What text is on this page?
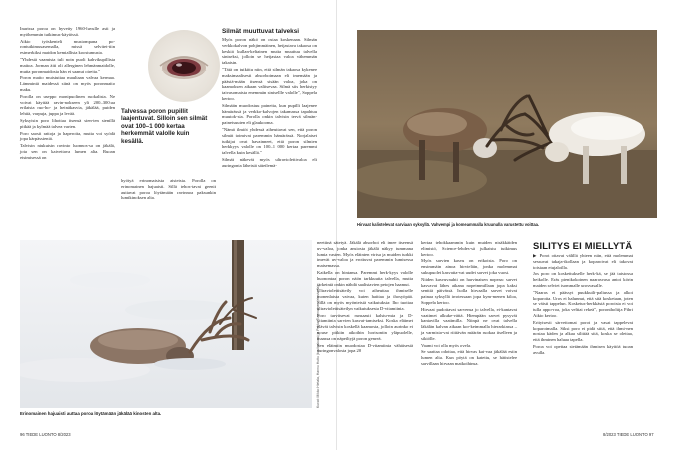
Inarissa poroa on hyvetty 1960-luvulle asti ja myöhemmin tutkimus-käytössä.

Aikio työskenteli mustompana po-rontutkimusasemalla, missä selvitet-tiin esimerkiksi maidon kemiallista koostumusta.

"Yhdestä vaamista tuli noin puoli kahvikupillista maitoa. Jorman äiti oli allerginen lehmänmaidolle, mutta poronmaidosta hän ei saanut oireita."

Poron maito muistuttaa maultaan valvaa kermaa. Lämmintä maidessä siinä on myös poronmaito maku.

Porolla on useppo monipuolinen ruokalista. Ne voivat käyttää ravin-nokseen yli 200–300:aa erilaista ruo-ho- ja heinäkasvia, jäkälää, puiden lehtiä, varpuja, juppa ja levää.

Syksyisin poro lihottaa itsensä sien-ten sienillä pitkää ja kylmää talvea varten.

Poro saosii rattoja ja haperoita, mutta voi syödä jopa kärpässieniä.

Talvisin niukuisin ravinto luonnos-sa on jäkälä, jota sen on kaivettava lumen alta. Ruoan etsimisessä on

Talvessa poron pupillit laajentuvat. Silloin sen silmät ovat 100–1 000 kertaa herkemmät valolle kuin kesällä.

hyötyä erinomaisista aisteista. Porolla on erinomainen hajuaisti. Sillä tehos-tavat geenit auttavat poroa löytämään ravinnoa paksunkin lumikinoksen alta.

Silmät muuttuvat talveksi

Myös poron näkö on ostaa koskenaan. Silmän verkkokalvon pohjimmäinen, heijastava takaosa on keskiä kullan-keltainen mutta muuttuu talvella siniseksi, jolloin se heijastaa valoa vähemmän takaisin.

"Tätä on tutkittu niin, että silmän takaosa kykenee maksimaalisesti absorboimaan eli imemään ja päästä-mään itsensä sisään valoa, joka on kaamoksen aikaan valitsevaa. Silmä siis herkistyy taivasomaista enemmän sinisellle valolle", Soppela kertoo.

Silmään muodostuu paineita, kun pupilli laajenee hämärässä ja verkko-kalvojen takamassa tapahtuu muutok-sia. Porolla onkin talvisin tervä silmän-paineisuuten eli glaukooma.

"Nämä ilmiöt yhdessä aiheuttavat sen, että poron silmät toimivat paremmin hämärässä. Norjalaiset tutkijat ovat havainneet, että poron silmien herkkyys valolle on 100–1 000 kertaa paremmi talvella kuin kesällä."

Silmät näkevät myös ultraviolettivaloa eli auringonta läheistä säteilemä-

Erinomainen hajuaisti auttaa poroa löytämään jäkälää kinosten alta.
Kuvat: Mikko Hietala, Hannu Huttu (kuvituskuva) ja Pekka Tuunnainen (etusivulla)
96 TIEDE LUONTO 8/2023
Hirvaat kalistelevat sarviaan syksyllä. Vahvempi ja komeammalla kruunulla varustettu voittaa.

neettinä sätetyä. Jäkälä absorboi eli imee itseensä uv-valoa, jonka ansiosta jäkälä näkyy tummana lumia vasten. Myös eläinten virtsa ja muiden turkki imevät uv-valoa ja erottuvat paremmin lumisessa maisemassa.

Kaikella on hintansa. Paremmi herk-kyys valolle huonontaa poron näön tarkkuutta talvella, mutta tärkeintä onkin nähdä saalistavien petojen haamut.

Ultraviolettisäteily voi aiheuttaa ihmiselle monenlaista vaivaa, kuten haittaa ja ihosyöpää. Sillä on myös myönteisiä vaikutuksia: Iho tuottaa ultraviolettisäteilyn vaikutuksesta D-vitamiinia.

Poro tarvitsevat runsaasti kalsiu-mia ja D-vitamiinia sarvien kasvat-tamiseksi. Koska eläimet elävät talvisin koskellä kaamosta, jolloin aurinko ei nouse pitkiin aikoihin horisontin yläpuolelle, maassa on näpeiltyjä poron genreä.

Sen eläimiin muodostaa D-vitamiinia vähäisestä auringonvalosta jopa 20

kertaa tehokkaammin kuin muiden nisäkkäiden elimistö, Science-lehdes-sä julkaistu tutkimus kertoo.

Myös sarvien kasvu on erikoista. Poro on ensimmäin ainoa hirvieläin, jonka molemmat sukupuolet kasvatta-vat uudet sarvet joka vuosi.

Niiden kasvuvauhti on harvinaisen nopeaa: sarvet kasvavat lähes aikana nopeimmillaan jopa kaksi senttiä päivässä. Isolla hirvaalla sarvet voivat painaa syksyllä irrotessaan jopa kym-menen kiloa, Soppela kertoo.

Hirvaat pudottavat sarvensa jo talvella, ei-kantavat vaatimet alkuke-vättä. Hiempään sarvet pysyvät kantavilla vaatimilla. Niinpä ne ovat talvella läkälän kalvan aikaan kor-keimmalla hierarkiassa – ja varmista-vat riittävän määrän ruokaa itselleen ja sikiölle.

Vaami voi olla myös ovela.

Se saattaa odottaa, että hirvas kai-vaa jäkälää esiin lumen alta. Kun pöytä on katettu, se hätistelee sarvillaan hirvaan matkoihinsa.

SILITYS EI MIELLYTÄ

▶ Porot ottavat välillä yhteen niin, että molemmat sessuvat takaja-tkollaan ja koparoivat eli takovat toisiaan etujaloilla.

Jos poro on koskettukselle herk-kä, se jää taistossa heikolle. Eräs pienikokoinen naarasvasa antoi körin maiden selviet isommalle urosvasalle.

"Naaras ei päässyt puukkuili-paliussa ja alkoi koparoita. Uros ei halunnut, että sitä kosketaan, joten se väisti tappelun. Kosketus-herkkästä poroista ei voi tulla appo-roa, joka veltiai rekeä", porontholtija Pihri Aikio kertoo.

Erityisesti särvettomat porot ja vasat tappelevat koparoimalla. Siksi poro ei pidä siitä, että ihmi-nen nostaa käden ja alkaa silittää sitä, koska se olettaa, että ihminen haluaa tapella.

Poroa voi opettaa sietämään ihmisen käyttöä tuoan avulla.

8/2023 TIEDE LUONTO 97
